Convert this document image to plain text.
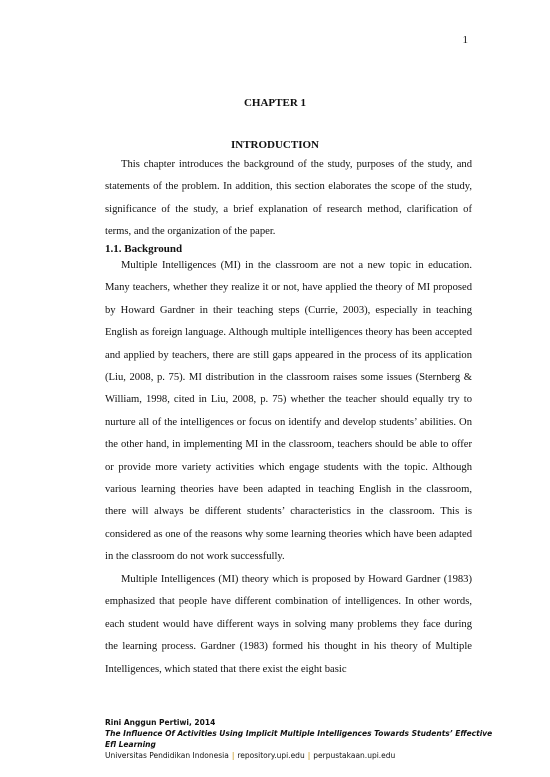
1
CHAPTER 1
INTRODUCTION

This chapter introduces the background of the study, purposes of the study, and statements of the problem. In addition, this section elaborates the scope of the study, significance of the study, a brief explanation of research method, clarification of terms, and the organization of the paper.

1.1. Background

Multiple Intelligences (MI) in the classroom are not a new topic in education. Many teachers, whether they realize it or not, have applied the theory of MI proposed by Howard Gardner in their teaching steps (Currie, 2003), especially in teaching English as foreign language. Although multiple intelligences theory has been accepted and applied by teachers, there are still gaps appeared in the process of its application (Liu, 2008, p. 75). MI distribution in the classroom raises some issues (Sternberg & William, 1998, cited in Liu, 2008, p. 75) whether the teacher should equally try to nurture all of the intelligences or focus on identify and develop students’ abilities. On the other hand, in implementing MI in the classroom, teachers should be able to offer or provide more variety activities which engage students with the topic. Although various learning theories have been adapted in teaching English in the classroom, there will always be different students’ characteristics in the classroom. This is considered as one of the reasons why some learning theories which have been adapted in the classroom do not work successfully.

Multiple Intelligences (MI) theory which is proposed by Howard Gardner (1983) emphasized that people have different combination of intelligences. In other words, each student would have different ways in solving many problems they face during the learning process. Gardner (1983) formed his thought in his theory of Multiple Intelligences, which stated that there exist the eight basic

Rini Anggun Pertiwi, 2014
The Influence Of Activities Using Implicit Multiple Intelligences Towards Students’ Effective Efl Learning
Universitas Pendidikan Indonesia | repository.upi.edu | perpustakaan.upi.edu
